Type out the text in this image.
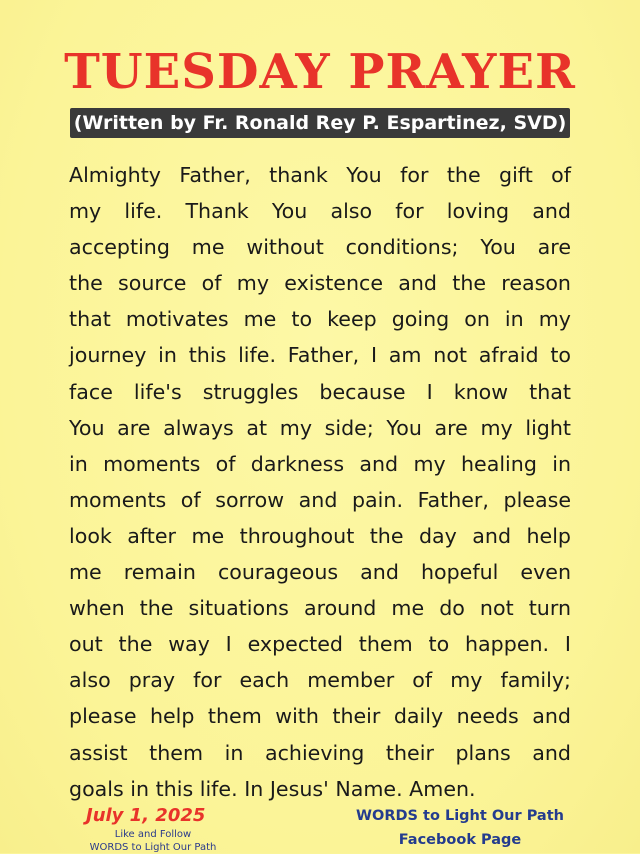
TUESDAY PRAYER
(Written by Fr. Ronald Rey P. Espartinez, SVD)
Almighty Father, thank You for the gift of
my life. Thank You also for loving and
accepting me without conditions; You are
the source of my existence and the reason
that motivates me to keep going on in my
journey in this life. Father, I am not afraid to
face life's struggles because I know that
You are always at my side; You are my light
in moments of darkness and my healing in
moments of sorrow and pain. Father, please
look after me throughout the day and help
me remain courageous and hopeful even
when the situations around me do not turn
out the way I expected them to happen. I
also pray for each member of my family;
please help them with their daily needs and
assist them in achieving their plans and
goals in this life. In Jesus' Name. Amen.
July 1, 2025
Like and Follow
WORDS to Light Our Path
WORDS to Light Our Path
Facebook Page
